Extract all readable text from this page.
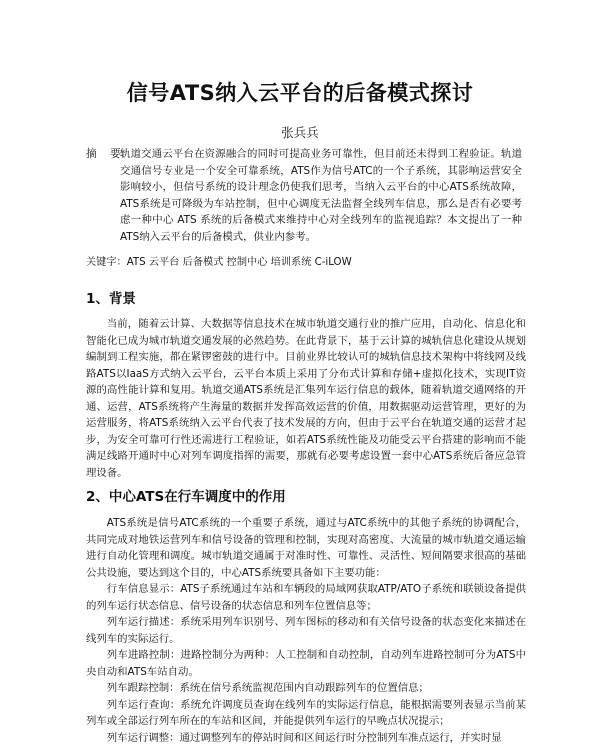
信号ATS纳入云平台的后备模式探讨
张兵兵
摘    要：
轨道交通云平台在资源融合的同时可提高业务可靠性，但目前还未得到工程验证。轨道交通信号专业是一个安全可靠系统，ATS作为信号ATC的一个子系统，其影响运营安全影响较小，但信号系统的设计理念仍使我们思考，当纳入云平台的中心ATS系统故障，ATS系统是可降级为车站控制，但中心调度无法监督全线列车信息，那么是否有必要考虑一种中心 ATS 系统的后备模式来维持中心对全线列车的监视追踪？本文提出了一种ATS纳入云平台的后备模式，供业内参考。
关键字：ATS 云平台 后备模式 控制中心 培训系统 C-iLOW
1、背景

当前，随着云计算、大数据等信息技术在城市轨道交通行业的推广应用，自动化、信息化和智能化已成为城市轨道交通发展的必然趋势。在此背景下，基于云计算的城轨信息化建设从规划编制到工程实施，都在紧锣密鼓的进行中。目前业界比较认可的城轨信息技术架构中将线网及线路ATS以IaaS方式纳入云平台，云平台本质上采用了分布式计算和存储+虚拟化技术，实现IT资源的高性能计算和复用。轨道交通ATS系统是汇集列车运行信息的载体，随着轨道交通网络的开通、运营，ATS系统将产生海量的数据并发挥高效运营的价值，用数据驱动运营管理，更好的为运营服务，将ATS系统纳入云平台代表了技术发展的方向，但由于云平台在轨道交通的运营才起步，为安全可靠可行性还需进行工程验证，如若ATS系统性能及功能受云平台搭建的影响而不能满足线路开通时中心对列车调度指挥的需要，那就有必要考虑设置一套中心ATS系统后备应急管理设备。

2、中心ATS在行车调度中的作用

ATS系统是信号ATC系统的一个重要子系统，通过与ATC系统中的其他子系统的协调配合，共同完成对地铁运营列车和信号设备的管理和控制，实现对高密度、大流量的城市轨道交通运输进行自动化管理和调度。城市轨道交通属于对准时性、可靠性、灵活性、短间隔要求很高的基础公共设施，要达到这个目的，中心ATS系统要具备如下主要功能：

行车信息显示：ATS子系统通过车站和车辆段的局域网获取ATP/ATO子系统和联锁设备提供的列车运行状态信息、信号设备的状态信息和列车位置信息等；
列车运行描述：系统采用列车识别号、列车图标的移动和有关信号设备的状态变化来描述在线列车的实际运行。
列车进路控制：进路控制分为两种：人工控制和自动控制，自动列车进路控制可分为ATS中央自动和ATS车站自动。
列车跟踪控制：系统在信号系统监视范围内自动跟踪列车的位置信息；
列车运行查询：系统允许调度员查询在线列车的实际运行信息，能根据需要列表显示当前某列车或全部运行列车所在的车站和区间，并能提供列车运行的早晚点状况提示；
列车运行调整：通过调整列车的停站时间和区间运行时分控制列车准点运行，并实时显
